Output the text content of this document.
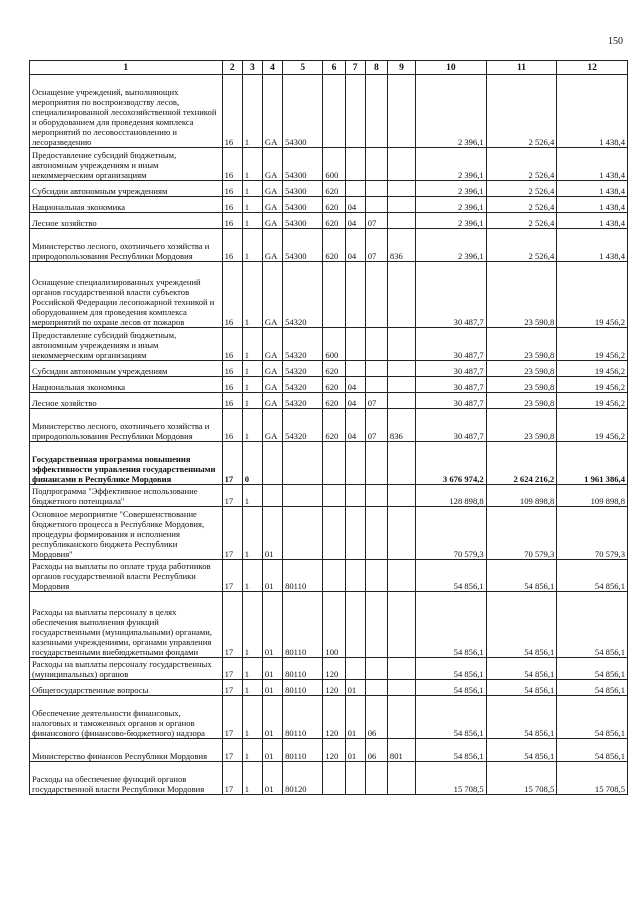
150
1	2	3	4	5	6	7	8	9	10	11	12
Оснащение учреждений, выполняющих мероприятия по воспроизводству лесов, специализированной лесохозяйственной техникой и оборудованием для проведения комплекса мероприятий по лесовосстановлению и лесоразведению	16	1	GA	54300					2 396,1	2 526,4	1 438,4
Предоставление субсидий бюджетным, автономным учреждениям и иным некоммерческим организациям	16	1	GA	54300	600				2 396,1	2 526,4	1 438,4
Субсидии автономным учреждениям	16	1	GA	54300	620				2 396,1	2 526,4	1 438,4
Национальная экономика	16	1	GA	54300	620	04			2 396,1	2 526,4	1 438,4
Лесное хозяйство	16	1	GA	54300	620	04	07		2 396,1	2 526,4	1 438,4
Министерство лесного, охотничьего хозяйства и природопользования Республики Мордовия	16	1	GA	54300	620	04	07	836	2 396,1	2 526,4	1 438,4
Оснащение специализированных учреждений органов государственной власти субъектов Российской Федерации лесопожарной техникой и оборудованием для проведения комплекса мероприятий по охране лесов от пожаров	16	1	GA	54320					30 487,7	23 590,8	19 456,2
Предоставление субсидий бюджетным, автономным учреждениям и иным некоммерческим организациям	16	1	GA	54320	600				30 487,7	23 590,8	19 456,2
Субсидии автономным учреждениям	16	1	GA	54320	620				30 487,7	23 590,8	19 456,2
Национальная экономика	16	1	GA	54320	620	04			30 487,7	23 590,8	19 456,2
Лесное хозяйство	16	1	GA	54320	620	04	07		30 487,7	23 590,8	19 456,2
Министерство лесного, охотничьего хозяйства и природопользования Республики Мордовия	16	1	GA	54320	620	04	07	836	30 487,7	23 590,8	19 456,2
Государственная программа повышения эффективности управления государственными финансами в Республике Мордовия	17	0							3 676 974,2	2 624 216,2	1 961 386,4
Подпрограмма "Эффективное использование бюджетного потенциала"	17	1							128 898,8	109 898,8	109 898,8
Основное мероприятие "Совершенствование бюджетного процесса в Республике Мордовия, процедуры формирования и исполнения республиканского бюджета Республики Мордовия"	17	1	01						70 579,3	70 579,3	70 579,3
Расходы на выплаты по оплате труда работников органов государственной власти Республики Мордовия	17	1	01	80110					54 856,1	54 856,1	54 856,1
Расходы на выплаты персоналу в целях обеспечения выполнения функций государственными (муниципальными) органами, казенными учреждениями, органами управления государственными внебюджетными фондами	17	1	01	80110	100				54 856,1	54 856,1	54 856,1
Расходы на выплаты персоналу государственных (муниципальных) органов	17	1	01	80110	120				54 856,1	54 856,1	54 856,1
Общегосударственные вопросы	17	1	01	80110	120	01			54 856,1	54 856,1	54 856,1
Обеспечение деятельности финансовых, налоговых и таможенных органов и органов финансового (финансово-бюджетного) надзора	17	1	01	80110	120	01	06		54 856,1	54 856,1	54 856,1
Министерство финансов Республики Мордовия	17	1	01	80110	120	01	06	801	54 856,1	54 856,1	54 856,1
Расходы на обеспечение функций органов государственной власти Республики Мордовия	17	1	01	80120					15 708,5	15 708,5	15 708,5
